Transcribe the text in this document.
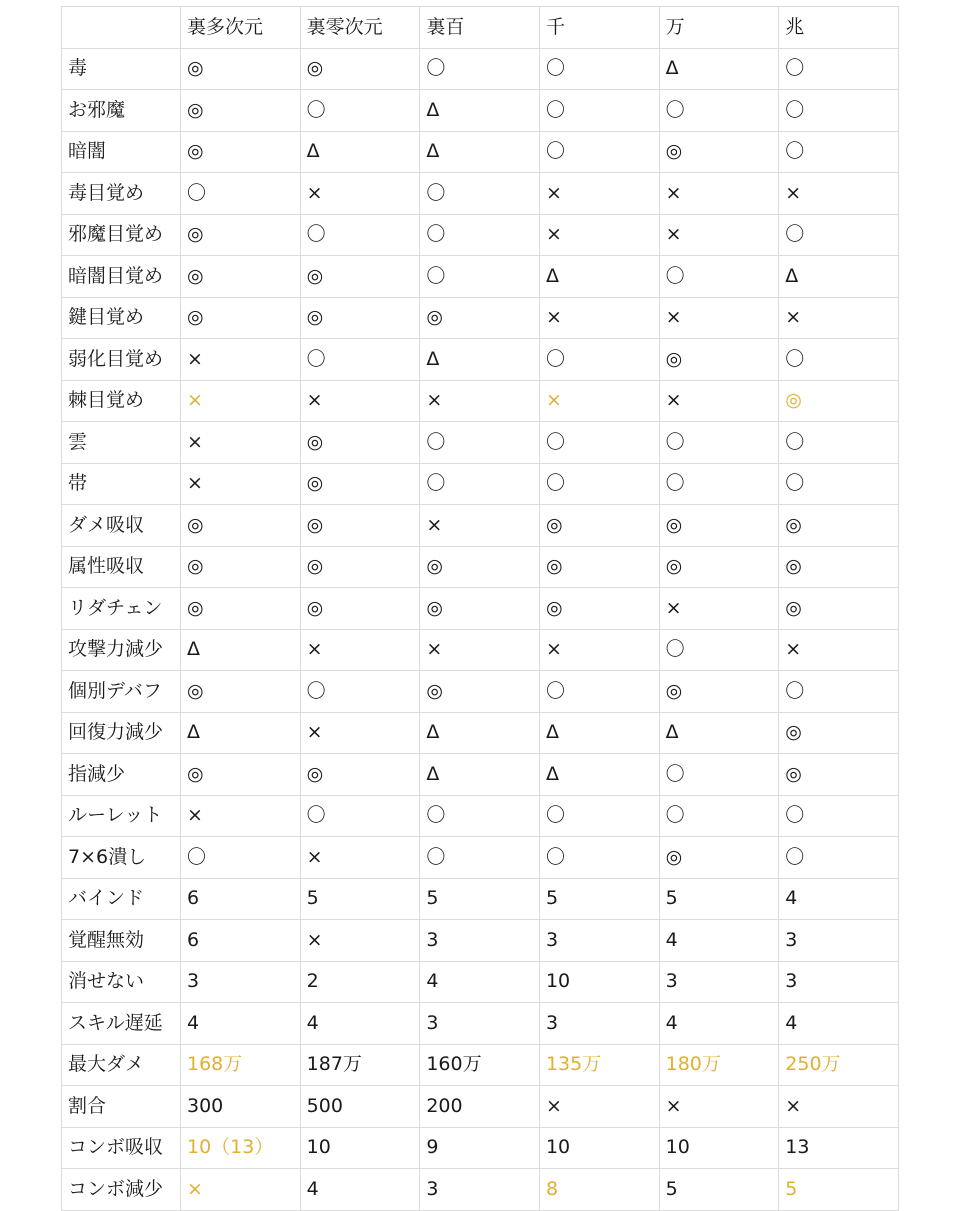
	裏多次元	裏零次元	裏百	千	万	兆
毒	◎	◎	〇	〇	Δ	〇
お邪魔	◎	〇	Δ	〇	〇	〇
暗闇	◎	Δ	Δ	〇	◎	〇
毒目覚め	〇	×	〇	×	×	×
邪魔目覚め	◎	〇	〇	×	×	〇
暗闇目覚め	◎	◎	〇	Δ	〇	Δ
鍵目覚め	◎	◎	◎	×	×	×
弱化目覚め	×	〇	Δ	〇	◎	〇
棘目覚め	×	×	×	×	×	◎
雲	×	◎	〇	〇	〇	〇
帯	×	◎	〇	〇	〇	〇
ダメ吸収	◎	◎	×	◎	◎	◎
属性吸収	◎	◎	◎	◎	◎	◎
リダチェン	◎	◎	◎	◎	×	◎
攻撃力減少	Δ	×	×	×	〇	×
個別デバフ	◎	〇	◎	〇	◎	〇
回復力減少	Δ	×	Δ	Δ	Δ	◎
指減少	◎	◎	Δ	Δ	〇	◎
ルーレット	×	〇	〇	〇	〇	〇
7×6潰し	〇	×	〇	〇	◎	〇
バインド	6	5	5	5	5	4
覚醒無効	6	×	3	3	4	3
消せない	3	2	4	10	3	3
スキル遅延	4	4	3	3	4	4
最大ダメ	168万	187万	160万	135万	180万	250万
割合	300	500	200	×	×	×
コンボ吸収	10（13）	10	9	10	10	13
コンボ減少	×	4	3	8	5	5
